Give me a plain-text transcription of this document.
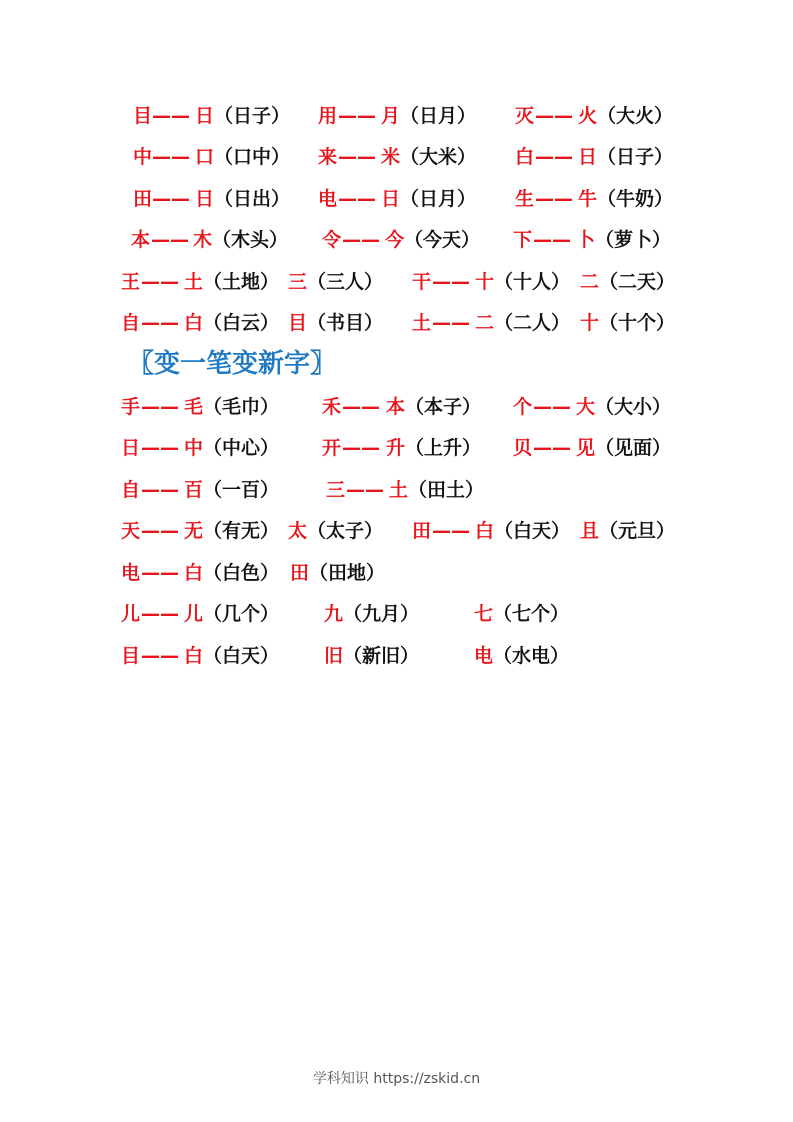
目 —— 日 （日子） 用 —— 月 （日月） 灭 —— 火 （大火）
中 —— 口 （口中） 来 —— 米 （大米） 白 —— 日 （日子）
田 —— 日 （日出） 电 —— 日 （日月） 生 —— 牛 （牛奶）
本 —— 木 （木头） 令 —— 今 （今天） 下 —— 卜 （萝卜）
王 —— 土 （土地） 三 （三人） 干 —— 十 （十人） 二 （二天）
自 —— 白 （白云） 目 （书目） 土 —— 二 （二人） 十 （十个）
〖变一笔变新字〗
手 —— 毛 （毛巾） 禾 —— 本 （本子） 个 —— 大 （大小）
日 —— 中 （中心） 开 —— 升 （上升） 贝 —— 见 （见面）
自 —— 百 （一百） 三 —— 土 （田土）
天 —— 无 （有无） 太 （太子） 田 —— 白 （白天） 且 （元旦）
电 —— 白 （白色） 田 （田地）
儿 —— 儿 （几个） 九 （九月）	七 （七个）
目 —— 白 （白天） 旧 （新旧）	电 （水电）
学科知识 https://zskid.cn
